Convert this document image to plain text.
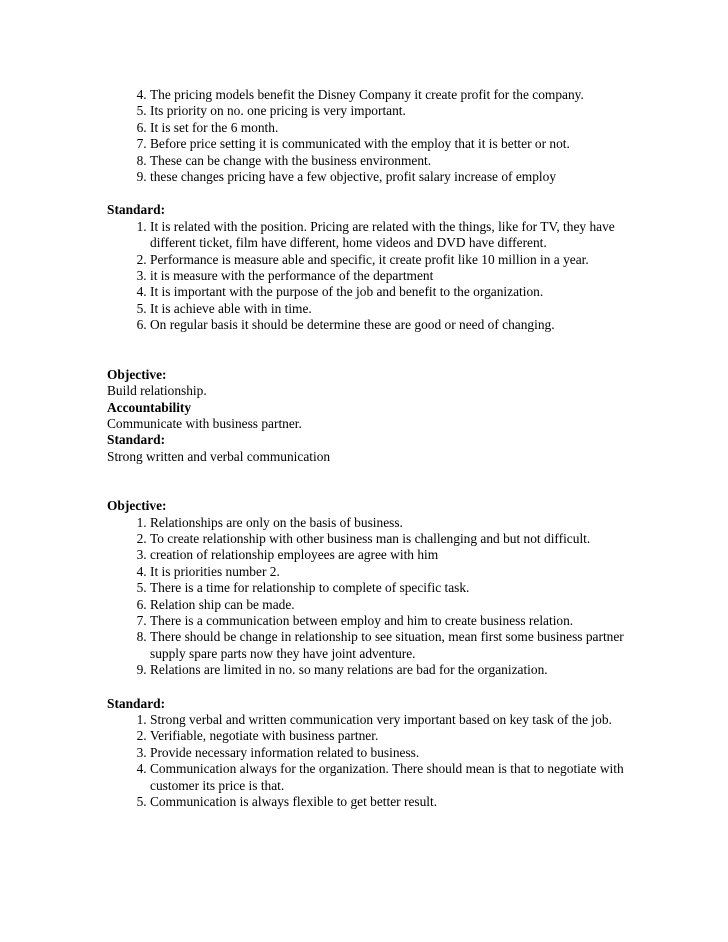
4. The pricing models benefit the Disney Company it create profit for the company.
5. Its priority on no. one pricing is very important.
6. It is set for the 6 month.
7. Before price setting it is communicated with the employ that it is better or not.
8. These can be change with the business environment.
9. these changes pricing have a few objective, profit salary increase of employ

Standard:

1. It is related with the position. Pricing are related with the things, like for TV, they have different ticket, film have different, home videos and DVD have different.
2. Performance is measure able and specific, it create profit like 10 million in a year.
3. it is measure with the performance of the department
4. It is important with the purpose of the job and benefit to the organization.
5. It is achieve able with in time.
6. On regular basis it should be determine these are good or need of changing.

Objective:

Build relationship.

Accountability

Communicate with business partner.

Standard:

Strong written and verbal communication

Objective:

1. Relationships are only on the basis of business.
2. To create relationship with other business man is challenging and but not difficult.
3. creation of relationship employees are agree with him
4. It is priorities number 2.
5. There is a time for relationship to complete of specific task.
6. Relation ship can be made.
7. There is a communication between employ and him to create business relation.
8. There should be change in relationship to see situation, mean first some business partner supply spare parts now they have joint adventure.
9. Relations are limited in no. so many relations are bad for the organization.

Standard:

1. Strong verbal and written communication very important based on key task of the job.
2. Verifiable, negotiate with business partner.
3. Provide necessary information related to business.
4. Communication always for the organization. There should mean is that to negotiate with customer its price is that.
5. Communication is always flexible to get better result.
